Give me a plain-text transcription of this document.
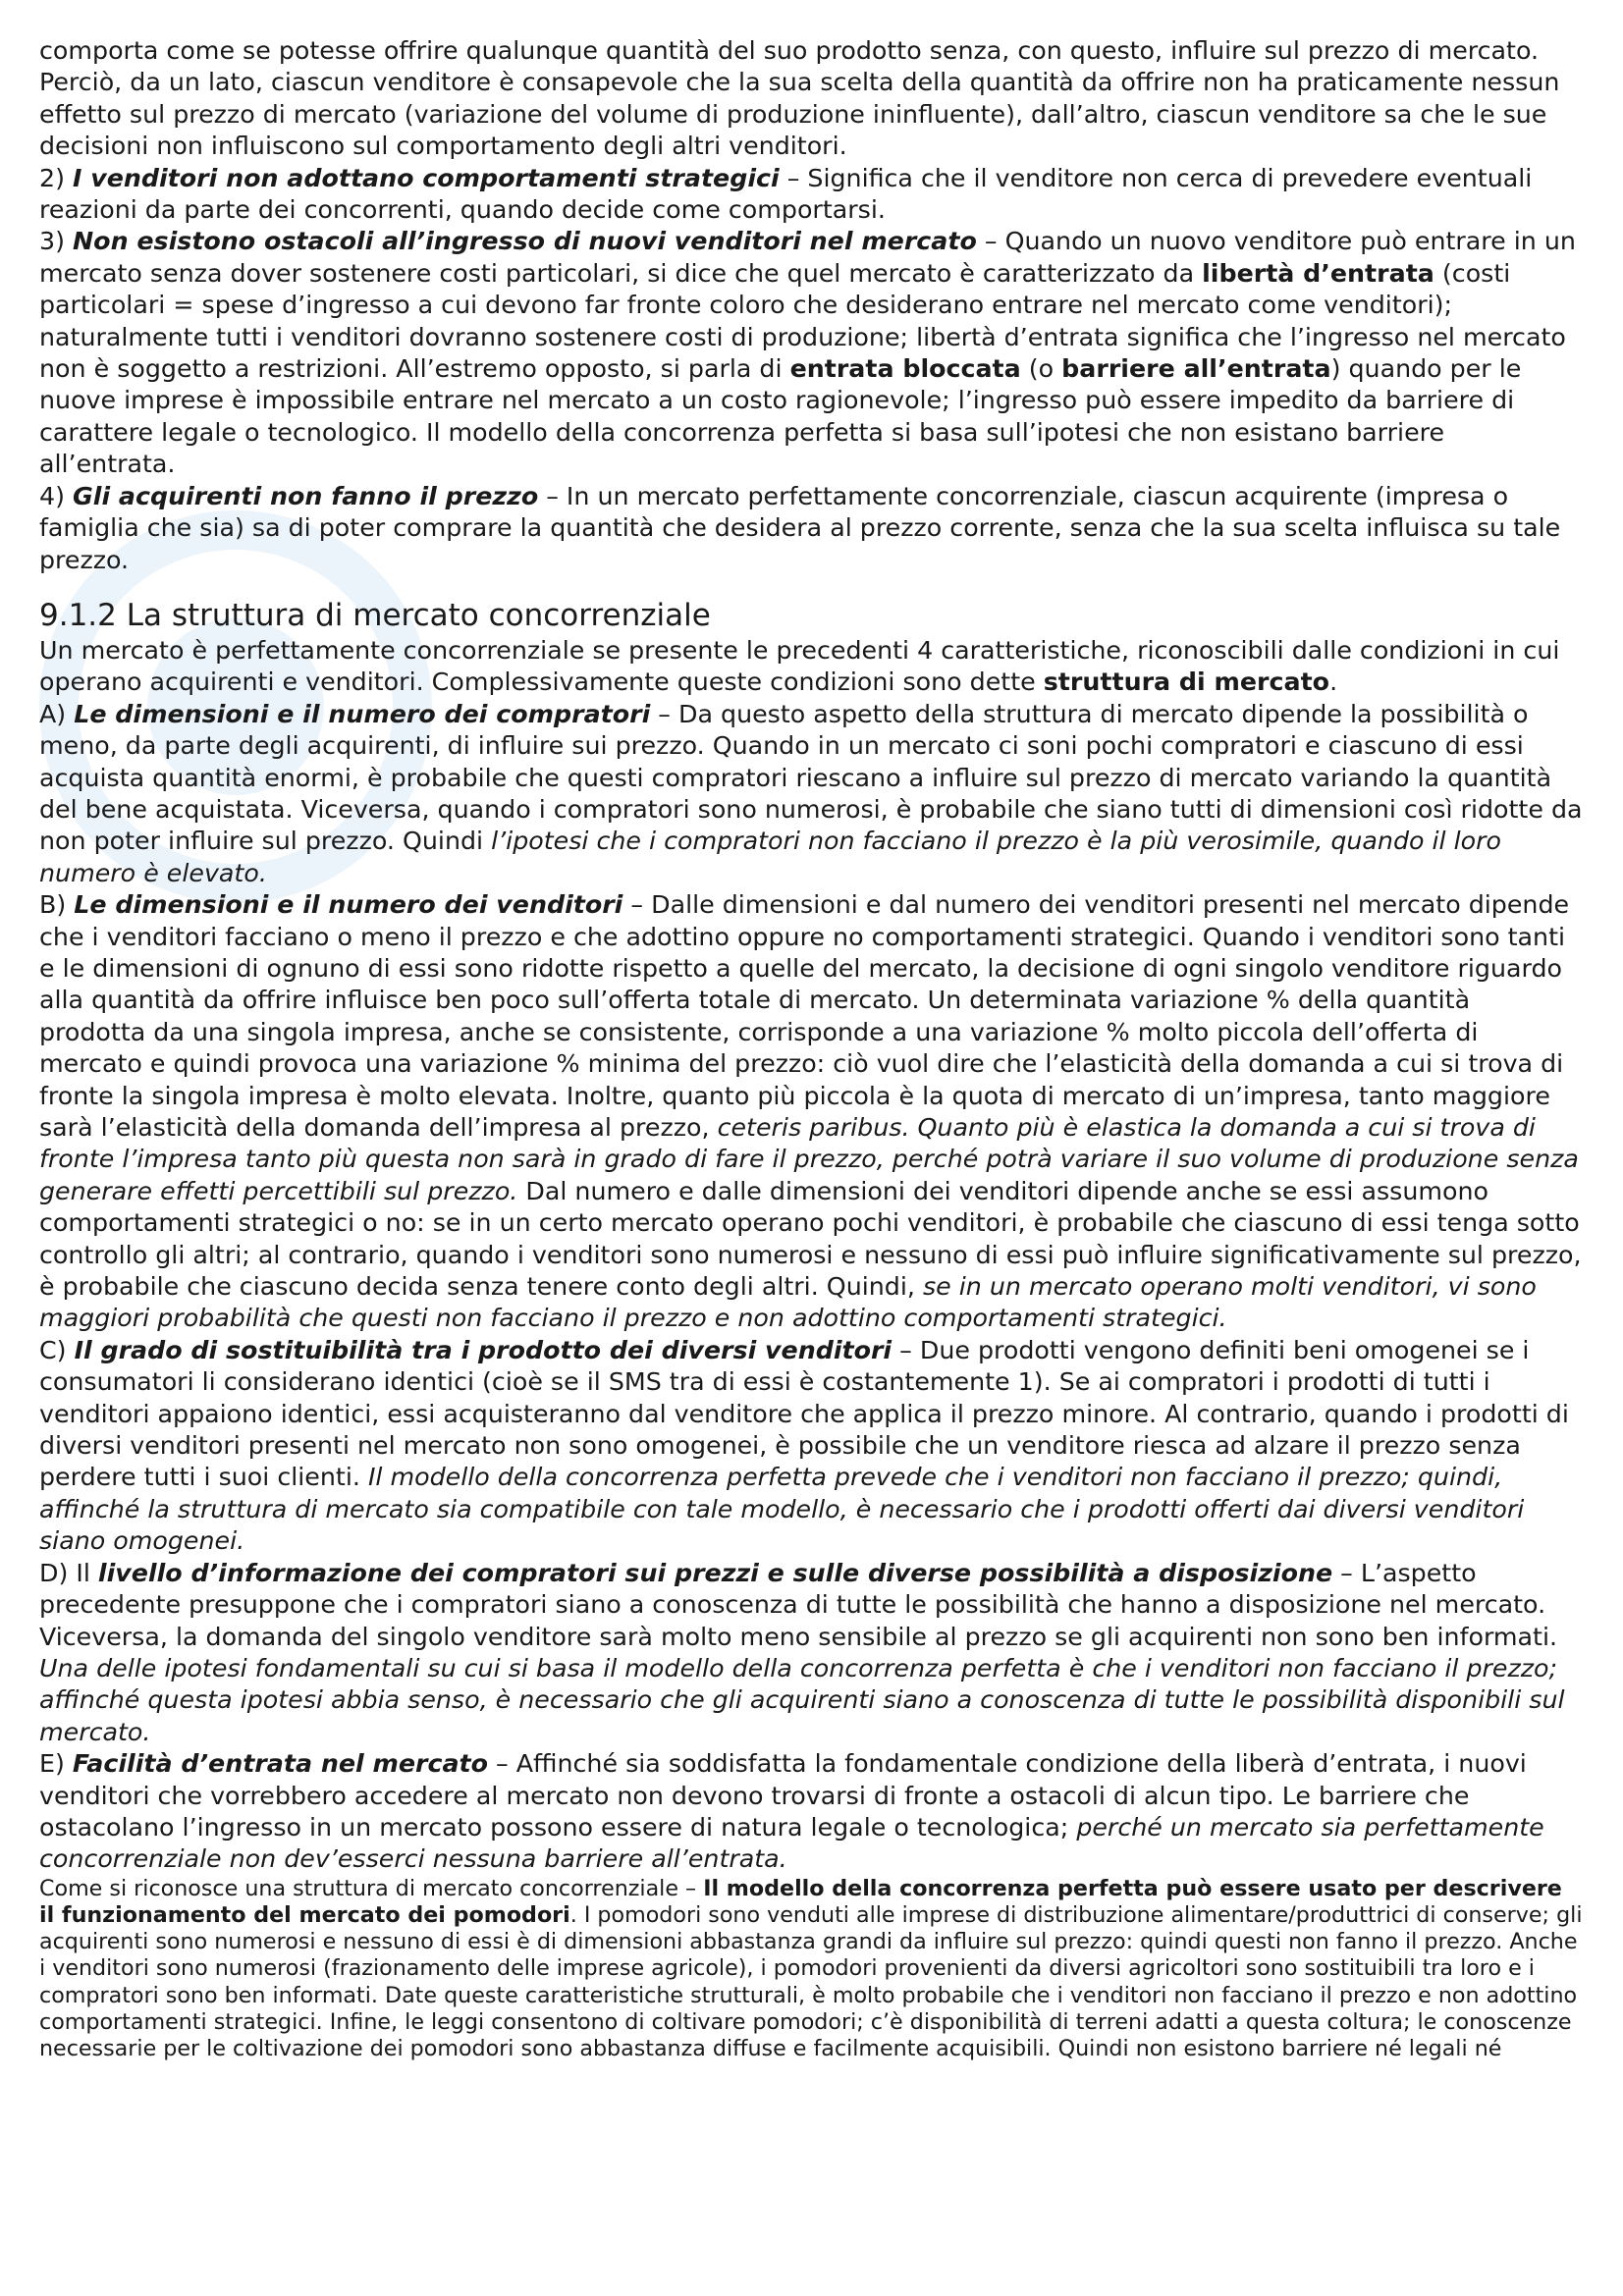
comporta come se potesse offrire qualunque quantità del suo prodotto senza, con questo, influire sul prezzo di mercato. Perciò, da un lato, ciascun venditore è consapevole che la sua scelta della quantità da offrire non ha praticamente nessun effetto sul prezzo di mercato (variazione del volume di produzione ininfluente), dall’altro, ciascun venditore sa che le sue decisioni non influiscono sul comportamento degli altri venditori.

2) I venditori non adottano comportamenti strategici – Significa che il venditore non cerca di prevedere eventuali reazioni da parte dei concorrenti, quando decide come comportarsi.

3) Non esistono ostacoli all’ingresso di nuovi venditori nel mercato – Quando un nuovo venditore può entrare in un mercato senza dover sostenere costi particolari, si dice che quel mercato è caratterizzato da libertà d’entrata (costi particolari = spese d’ingresso a cui devono far fronte coloro che desiderano entrare nel mercato come venditori); naturalmente tutti i venditori dovranno sostenere costi di produzione; libertà d’entrata significa che l’ingresso nel mercato non è soggetto a restrizioni. All’estremo opposto, si parla di entrata bloccata (o barriere all’entrata) quando per le nuove imprese è impossibile entrare nel mercato a un costo ragionevole; l’ingresso può essere impedito da barriere di carattere legale o tecnologico. Il modello della concorrenza perfetta si basa sull’ipotesi che non esistano barriere all’entrata.

4) Gli acquirenti non fanno il prezzo – In un mercato perfettamente concorrenziale, ciascun acquirente (impresa o famiglia che sia) sa di poter comprare la quantità che desidera al prezzo corrente, senza che la sua scelta influisca su tale prezzo.

9.1.2 La struttura di mercato concorrenziale

Un mercato è perfettamente concorrenziale se presente le precedenti 4 caratteristiche, riconoscibili dalle condizioni in cui operano acquirenti e venditori. Complessivamente queste condizioni sono dette struttura di mercato.

A) Le dimensioni e il numero dei compratori – Da questo aspetto della struttura di mercato dipende la possibilità o meno, da parte degli acquirenti, di influire sui prezzo. Quando in un mercato ci soni pochi compratori e ciascuno di essi acquista quantità enormi, è probabile che questi compratori riescano a influire sul prezzo di mercato variando la quantità del bene acquistata. Viceversa, quando i compratori sono numerosi, è probabile che siano tutti di dimensioni così ridotte da non poter influire sul prezzo. Quindi l’ipotesi che i compratori non facciano il prezzo è la più verosimile, quando il loro numero è elevato.

B) Le dimensioni e il numero dei venditori – Dalle dimensioni e dal numero dei venditori presenti nel mercato dipende che i venditori facciano o meno il prezzo e che adottino oppure no comportamenti strategici. Quando i venditori sono tanti e le dimensioni di ognuno di essi sono ridotte rispetto a quelle del mercato, la decisione di ogni singolo venditore riguardo alla quantità da offrire influisce ben poco sull’offerta totale di mercato. Un determinata variazione % della quantità prodotta da una singola impresa, anche se consistente, corrisponde a una variazione % molto piccola dell’offerta di mercato e quindi provoca una variazione % minima del prezzo: ciò vuol dire che l’elasticità della domanda a cui si trova di fronte la singola impresa è molto elevata. Inoltre, quanto più piccola è la quota di mercato di un’impresa, tanto maggiore sarà l’elasticità della domanda dell’impresa al prezzo, ceteris paribus. Quanto più è elastica la domanda a cui si trova di fronte l’impresa tanto più questa non sarà in grado di fare il prezzo, perché potrà variare il suo volume di produzione senza generare effetti percettibili sul prezzo. Dal numero e dalle dimensioni dei venditori dipende anche se essi assumono comportamenti strategici o no: se in un certo mercato operano pochi venditori, è probabile che ciascuno di essi tenga sotto controllo gli altri; al contrario, quando i venditori sono numerosi e nessuno di essi può influire significativamente sul prezzo, è probabile che ciascuno decida senza tenere conto degli altri. Quindi, se in un mercato operano molti venditori, vi sono maggiori probabilità che questi non facciano il prezzo e non adottino comportamenti strategici.

C) Il grado di sostituibilità tra i prodotto dei diversi venditori – Due prodotti vengono definiti beni omogenei se i consumatori li considerano identici (cioè se il SMS tra di essi è costantemente 1). Se ai compratori i prodotti di tutti i venditori appaiono identici, essi acquisteranno dal venditore che applica il prezzo minore. Al contrario, quando i prodotti di diversi venditori presenti nel mercato non sono omogenei, è possibile che un venditore riesca ad alzare il prezzo senza perdere tutti i suoi clienti. Il modello della concorrenza perfetta prevede che i venditori non facciano il prezzo; quindi, affinché la struttura di mercato sia compatibile con tale modello, è necessario che i prodotti offerti dai diversi venditori siano omogenei.

D) Il livello d’informazione dei compratori sui prezzi e sulle diverse possibilità a disposizione – L’aspetto precedente presuppone che i compratori siano a conoscenza di tutte le possibilità che hanno a disposizione nel mercato. Viceversa, la domanda del singolo venditore sarà molto meno sensibile al prezzo se gli acquirenti non sono ben informati. Una delle ipotesi fondamentali su cui si basa il modello della concorrenza perfetta è che i venditori non facciano il prezzo; affinché questa ipotesi abbia senso, è necessario che gli acquirenti siano a conoscenza di tutte le possibilità disponibili sul mercato.

E) Facilità d’entrata nel mercato – Affinché sia soddisfatta la fondamentale condizione della liberà d’entrata, i nuovi venditori che vorrebbero accedere al mercato non devono trovarsi di fronte a ostacoli di alcun tipo. Le barriere che ostacolano l’ingresso in un mercato possono essere di natura legale o tecnologica; perché un mercato sia perfettamente concorrenziale non dev’esserci nessuna barriere all’entrata.

Come si riconosce una struttura di mercato concorrenziale – Il modello della concorrenza perfetta può essere usato per descrivere il funzionamento del mercato dei pomodori. I pomodori sono venduti alle imprese di distribuzione alimentare/produttrici di conserve; gli acquirenti sono numerosi e nessuno di essi è di dimensioni abbastanza grandi da influire sul prezzo: quindi questi non fanno il prezzo. Anche i venditori sono numerosi (frazionamento delle imprese agricole), i pomodori provenienti da diversi agricoltori sono sostituibili tra loro e i compratori sono ben informati. Date queste caratteristiche strutturali, è molto probabile che i venditori non facciano il prezzo e non adottino comportamenti strategici. Infine, le leggi consentono di coltivare pomodori; c’è disponibilità di terreni adatti a questa coltura; le conoscenze necessarie per le coltivazione dei pomodori sono abbastanza diffuse e facilmente acquisibili. Quindi non esistono barriere né legali né
